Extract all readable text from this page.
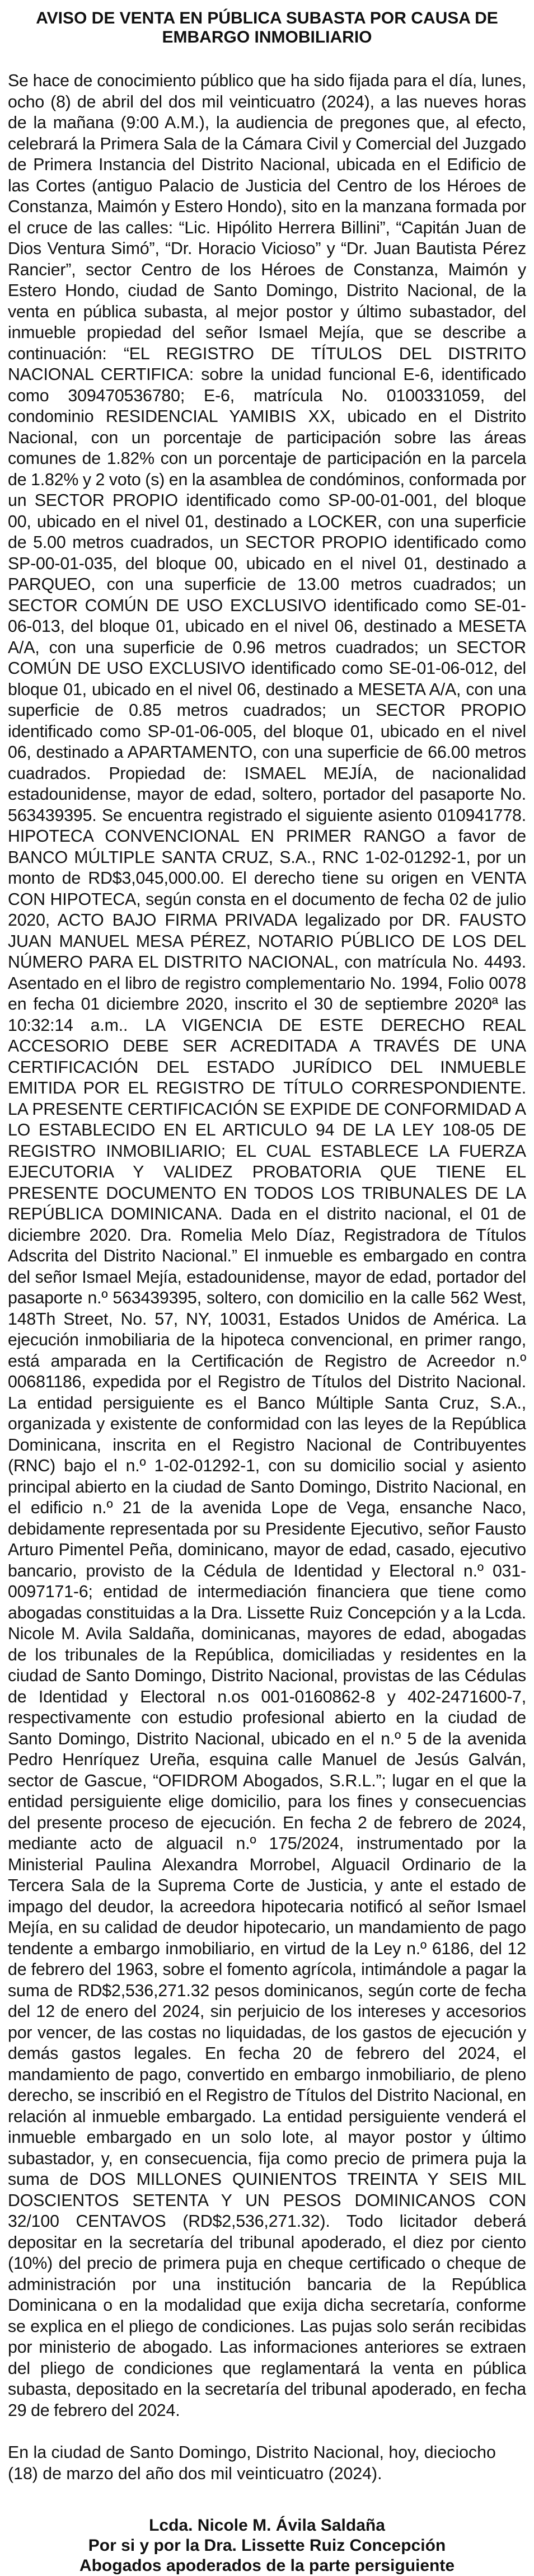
AVISO DE VENTA EN PÚBLICA SUBASTA POR CAUSA DE
EMBARGO INMOBILIARIO

Se hace de conocimiento público que ha sido fijada para el día, lunes, ocho (8) de abril del dos mil veinticuatro (2024), a las nueves horas de la mañana (9:00 A.M.), la audiencia de pregones que, al efecto, celebrará la Primera Sala de la Cámara Civil y Comercial del Juzgado de Primera Instancia del Distrito Nacional, ubicada en el Edificio de las Cortes (antiguo Palacio de Justicia del Centro de los Héroes de Constanza, Maimón y Estero Hondo), sito en la manzana formada por el cruce de las calles: “Lic. Hipólito Herrera Billini”, “Capitán Juan de Dios Ventura Simó”, “Dr. Horacio Vicioso” y “Dr. Juan Bautista Pérez Rancier”, sector Centro de los Héroes de Constanza, Maimón y Estero Hondo, ciudad de Santo Domingo, Distrito Nacional, de la venta en pública subasta, al mejor postor y último subastador, del inmueble propiedad del señor Ismael Mejía, que se describe a continuación: “EL REGISTRO DE TÍTULOS DEL DISTRITO NACIONAL CERTIFICA: sobre la unidad funcional E-6, identificado como 309470536780; E-6, matrícula No. 0100331059, del condominio RESIDENCIAL YAMIBIS XX, ubicado en el Distrito Nacional, con un porcentaje de participación sobre las áreas comunes de 1.82% con un porcentaje de participación en la parcela de 1.82% y 2 voto (s) en la asamblea de condóminos, conformada por un SECTOR PROPIO identificado como SP-00-01-001, del bloque 00, ubicado en el nivel 01, destinado a LOCKER, con una superficie de 5.00 metros cuadrados, un SECTOR PROPIO identificado como SP-00-01-035, del bloque 00, ubicado en el nivel 01, destinado a PARQUEO, con una superficie de 13.00 metros cuadrados; un SECTOR COMÚN DE USO EXCLUSIVO identificado como SE-01-06-013, del bloque 01, ubicado en el nivel 06, destinado a MESETA A/A, con una superficie de 0.96 metros cuadrados; un SECTOR COMÚN DE USO EXCLUSIVO identificado como SE-01-06-012, del bloque 01, ubicado en el nivel 06, destinado a MESETA A/A, con una superficie de 0.85 metros cuadrados; un SECTOR PROPIO identificado como SP-01-06-005, del bloque 01, ubicado en el nivel 06, destinado a APARTAMENTO, con una superficie de 66.00 metros cuadrados. Propiedad de: ISMAEL MEJÍA, de nacionalidad estadounidense, mayor de edad, soltero, portador del pasaporte No. 563439395. Se encuentra registrado el siguiente asiento 010941778. HIPOTECA CONVENCIONAL EN PRIMER RANGO a favor de BANCO MÚLTIPLE SANTA CRUZ, S.A., RNC 1-02-01292-1, por un monto de RD$3,045,000.00. El derecho tiene su origen en VENTA CON HIPOTECA, según consta en el documento de fecha 02 de julio 2020, ACTO BAJO FIRMA PRIVADA legalizado por DR. FAUSTO JUAN MANUEL MESA PÉREZ, NOTARIO PÚBLICO DE LOS DEL NÚMERO PARA EL DISTRITO NACIONAL, con matrícula No. 4493. Asentado en el libro de registro complementario No. 1994, Folio 0078 en fecha 01 diciembre 2020, inscrito el 30 de septiembre 2020ª las 10:32:14 a.m.. LA VIGENCIA DE ESTE DERECHO REAL ACCESORIO DEBE SER ACREDITADA A TRAVÉS DE UNA CERTIFICACIÓN DEL ESTADO JURÍDICO DEL INMUEBLE EMITIDA POR EL REGISTRO DE TÍTULO CORRESPONDIENTE. LA PRESENTE CERTIFICACIÓN SE EXPIDE DE CONFORMIDAD A LO ESTABLECIDO EN EL ARTICULO 94 DE LA LEY 108-05 DE REGISTRO INMOBILIARIO; EL CUAL ESTABLECE LA FUERZA EJECUTORIA Y VALIDEZ PROBATORIA QUE TIENE EL PRESENTE DOCUMENTO EN TODOS LOS TRIBUNALES DE LA REPÚBLICA DOMINICANA. Dada en el distrito nacional, el 01 de diciembre 2020. Dra. Romelia Melo Díaz, Registradora de Títulos Adscrita del Distrito Nacional.” El inmueble es embargado en contra del señor Ismael Mejía, estadounidense, mayor de edad, portador del pasaporte n.º 563439395, soltero, con domicilio en la calle 562 West, 148Th Street, No. 57, NY, 10031, Estados Unidos de América. La ejecución inmobiliaria de la hipoteca convencional, en primer rango, está amparada en la Certificación de Registro de Acreedor n.º 00681186, expedida por el Registro de Títulos del Distrito Nacional. La entidad persiguiente es el Banco Múltiple Santa Cruz, S.A., organizada y existente de conformidad con las leyes de la República Dominicana, inscrita en el Registro Nacional de Contribuyentes (RNC) bajo el n.º 1-02-01292-1, con su domicilio social y asiento principal abierto en la ciudad de Santo Domingo, Distrito Nacional, en el edificio n.º 21 de la avenida Lope de Vega, ensanche Naco, debidamente representada por su Presidente Ejecutivo, señor Fausto Arturo Pimentel Peña, dominicano, mayor de edad, casado, ejecutivo bancario, provisto de la Cédula de Identidad y Electoral n.º 031-0097171-6; entidad de intermediación financiera que tiene como abogadas constituidas a la Dra. Lissette Ruiz Concepción y a la Lcda. Nicole M. Avila Saldaña, dominicanas, mayores de edad, abogadas de los tribunales de la República, domiciliadas y residentes en la ciudad de Santo Domingo, Distrito Nacional, provistas de las Cédulas de Identidad y Electoral n.os 001-0160862-8 y 402-2471600-7, respectivamente con estudio profesional abierto en la ciudad de Santo Domingo, Distrito Nacional, ubicado en el n.º 5 de la avenida Pedro Henríquez Ureña, esquina calle Manuel de Jesús Galván, sector de Gascue, “OFIDROM Abogados, S.R.L.”; lugar en el que la entidad persiguiente elige domicilio, para los fines y consecuencias del presente proceso de ejecución. En fecha 2 de febrero de 2024, mediante acto de alguacil n.º 175/2024, instrumentado por la Ministerial Paulina Alexandra Morrobel, Alguacil Ordinario de la Tercera Sala de la Suprema Corte de Justicia, y ante el estado de impago del deudor, la acreedora hipotecaria notificó al señor Ismael Mejía, en su calidad de deudor hipotecario, un mandamiento de pago tendente a embargo inmobiliario, en virtud de la Ley n.º 6186, del 12 de febrero del 1963, sobre el fomento agrícola, intimándole a pagar la suma de RD$2,536,271.32 pesos dominicanos, según corte de fecha del 12 de enero del 2024, sin perjuicio de los intereses y accesorios por vencer, de las costas no liquidadas, de los gastos de ejecución y demás gastos legales. En fecha 20 de febrero del 2024, el mandamiento de pago, convertido en embargo inmobiliario, de pleno derecho, se inscribió en el Registro de Títulos del Distrito Nacional, en relación al inmueble embargado. La entidad persiguiente venderá el inmueble embargado en un solo lote, al mayor postor y último subastador, y, en consecuencia, fija como precio de primera puja la suma de DOS MILLONES QUINIENTOS TREINTA Y SEIS MIL DOSCIENTOS SETENTA Y UN PESOS DOMINICANOS CON 32/100 CENTAVOS (RD$2,536,271.32). Todo licitador deberá depositar en la secretaría del tribunal apoderado, el diez por ciento (10%) del precio de primera puja en cheque certificado o cheque de administración por una institución bancaria de la República Dominicana o en la modalidad que exija dicha secretaría, conforme se explica en el pliego de condiciones. Las pujas solo serán recibidas por ministerio de abogado. Las informaciones anteriores se extraen del pliego de condiciones que reglamentará la venta en pública subasta, depositado en la secretaría del tribunal apoderado, en fecha 29 de febrero del 2024.

En la ciudad de Santo Domingo, Distrito Nacional, hoy, dieciocho (18) de marzo del año dos mil veinticuatro (2024).

Lcda. Nicole M. Ávila Saldaña
Por si y por la Dra. Lissette Ruiz Concepción
Abogados apoderados de la parte persiguiente
